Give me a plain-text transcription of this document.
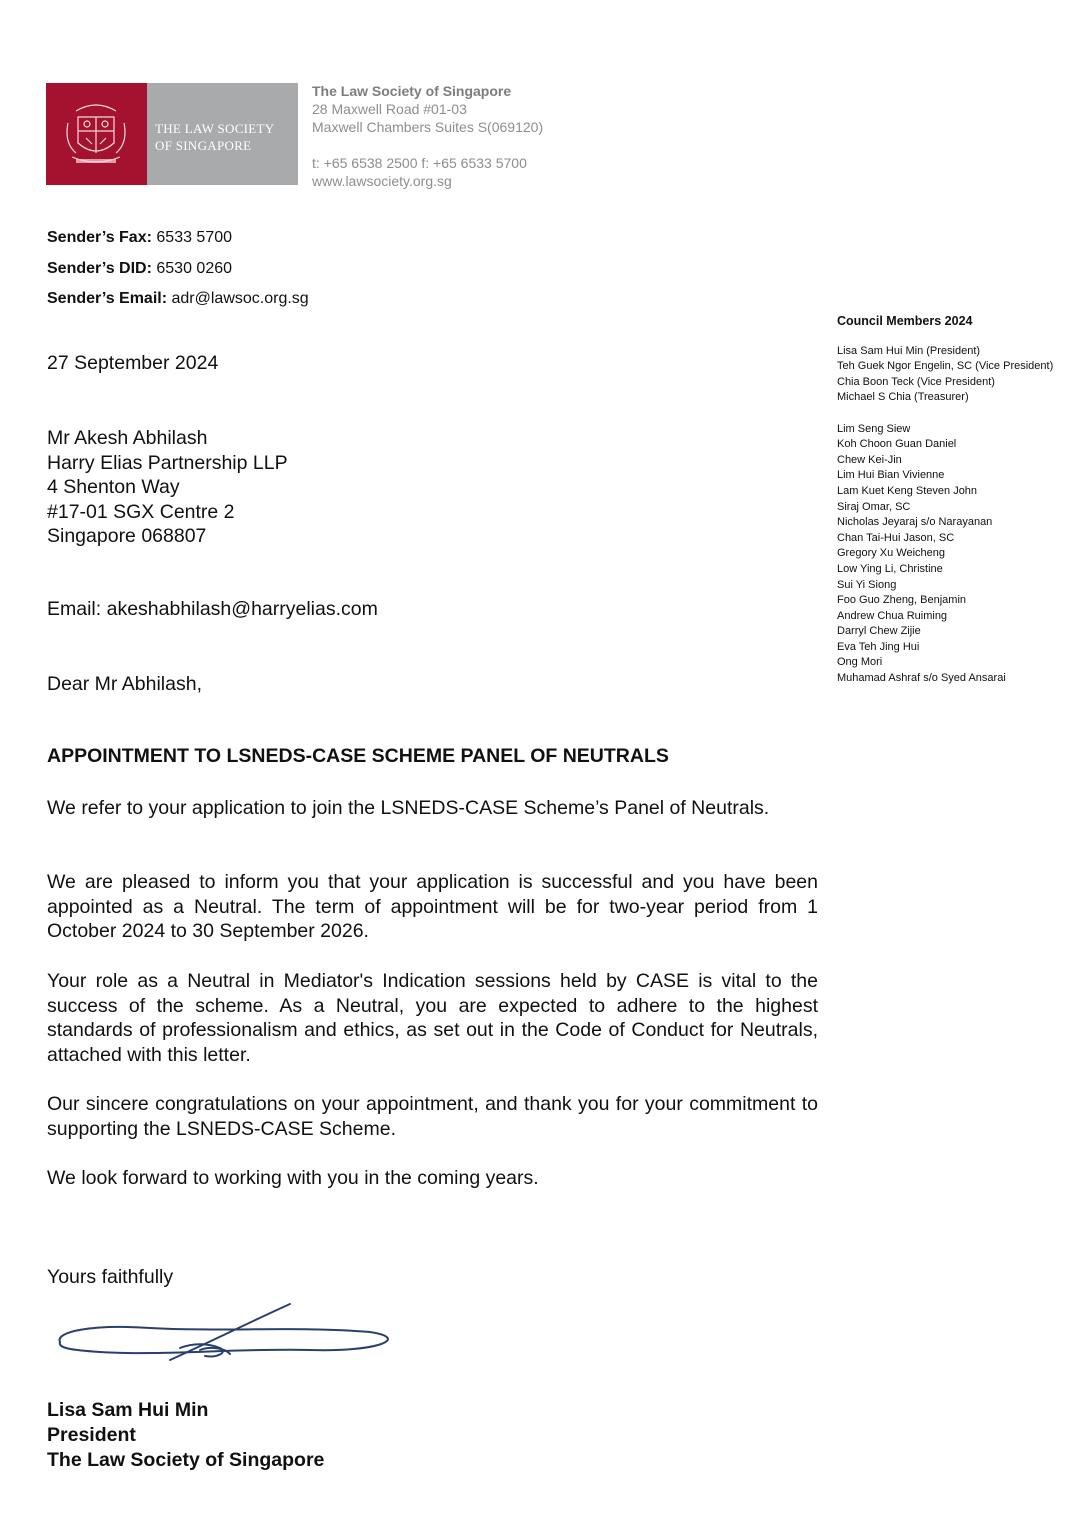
THE LAW SOCIETY
OF SINGAPORE
The Law Society of Singapore
28 Maxwell Road #01-03
Maxwell Chambers Suites S(069120)
t: +65 6538 2500 f: +65 6533 5700
www.lawsociety.org.sg
Sender’s Fax: 6533 5700
Sender’s DID: 6530 0260
Sender’s Email: adr@lawsoc.org.sg
27 September 2024
Mr Akesh Abhilash
Harry Elias Partnership LLP
4 Shenton Way
#17-01 SGX Centre 2
Singapore 068807
Email: akeshabhilash@harryelias.com
Dear Mr Abhilash,
APPOINTMENT TO LSNEDS-CASE SCHEME PANEL OF NEUTRALS
We refer to your application to join the LSNEDS-CASE Scheme’s Panel of Neutrals.
We are pleased to inform you that your application is successful and you have been appointed as a Neutral. The term of appointment will be for two-year period from 1 October 2024 to 30 September 2026.
Your role as a Neutral in Mediator's Indication sessions held by CASE is vital to the success of the scheme. As a Neutral, you are expected to adhere to the highest standards of professionalism and ethics, as set out in the Code of Conduct for Neutrals, attached with this letter.
Our sincere congratulations on your appointment, and thank you for your commitment to supporting the LSNEDS-CASE Scheme.
We look forward to working with you in the coming years.
Council Members 2024
Lisa Sam Hui Min (President)
Teh Guek Ngor Engelin, SC (Vice President)
Chia Boon Teck (Vice President)
Michael S Chia (Treasurer)
Lim Seng Siew
Koh Choon Guan Daniel
Chew Kei-Jin
Lim Hui Bian Vivienne
Lam Kuet Keng Steven John
Siraj Omar, SC
Nicholas Jeyaraj s/o Narayanan
Chan Tai-Hui Jason, SC
Gregory Xu Weicheng
Low Ying Li, Christine
Sui Yi Siong
Foo Guo Zheng, Benjamin
Andrew Chua Ruiming
Darryl Chew Zijie
Eva Teh Jing Hui
Ong Mori
Muhamad Ashraf s/o Syed Ansarai
Yours faithfully
Lisa Sam Hui Min
President
The Law Society of Singapore
